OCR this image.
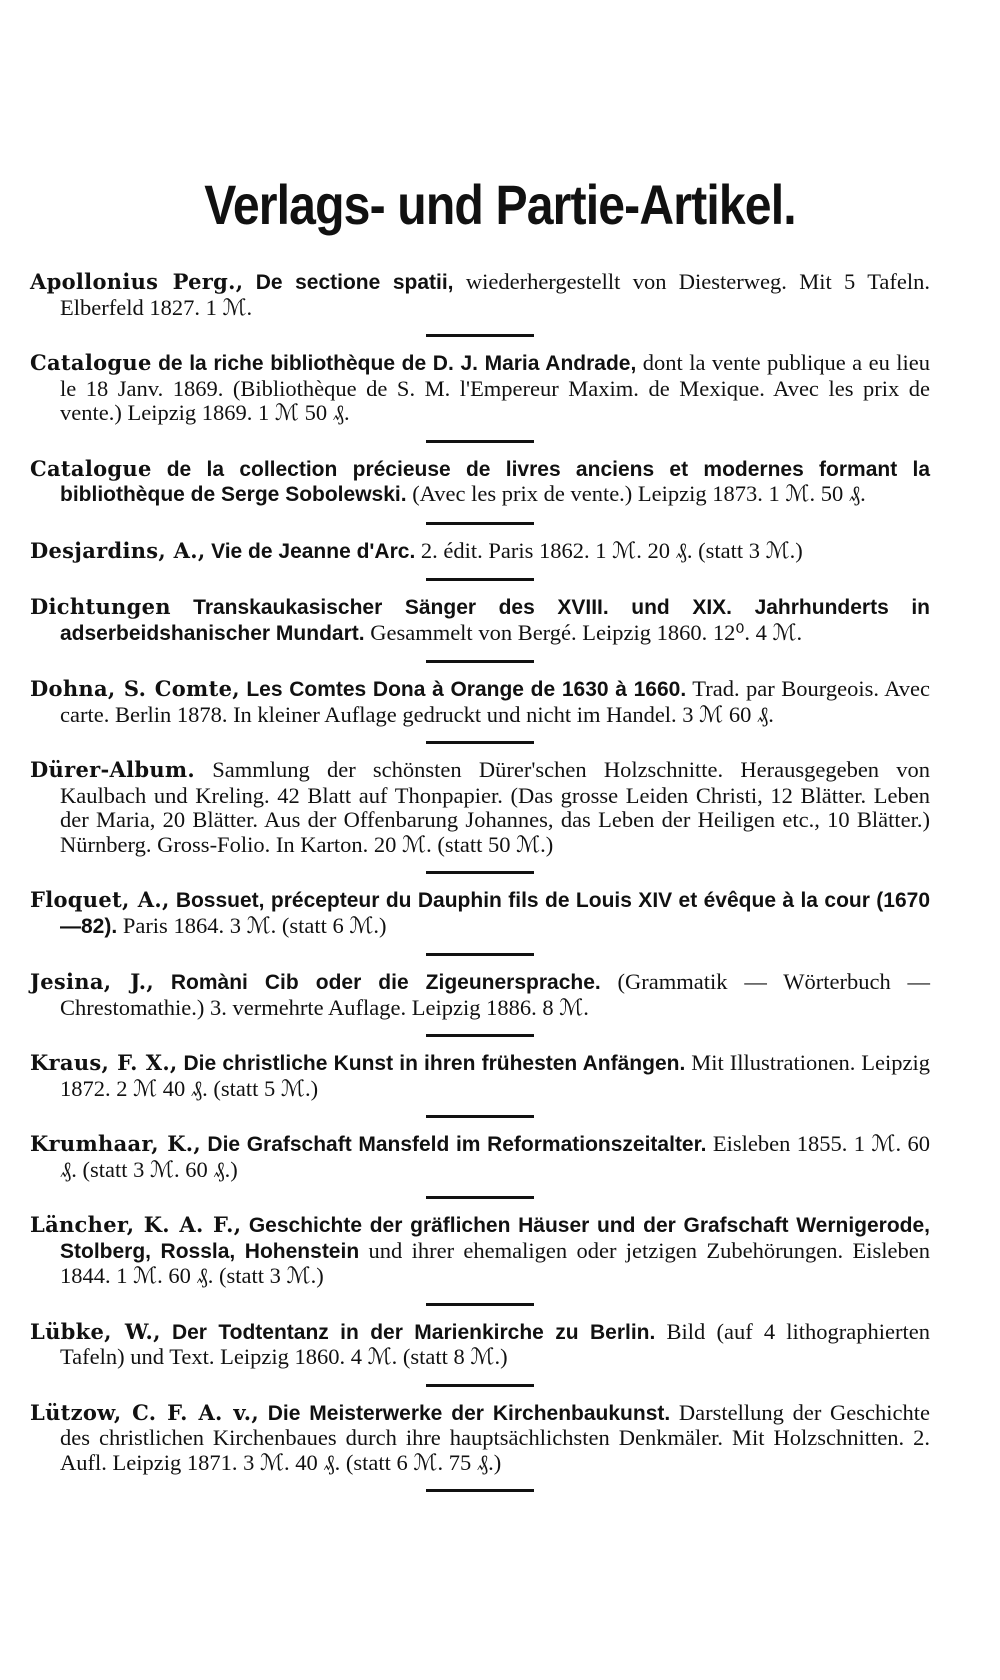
Verlags- und Partie-Artikel.

Apollonius Perg., De sectione spatii, wiederhergestellt von Diesterweg. Mit 5 Tafeln. Elberfeld 1827. 1 ℳ.

Catalogue de la riche bibliothèque de D. J. Maria Andrade, dont la vente publique a eu lieu le 18 Janv. 1869. (Bibliothèque de S. M. l'Empereur Maxim. de Mexique. Avec les prix de vente.) Leipzig 1869. 1 ℳ 50 ₰.

Catalogue de la collection précieuse de livres anciens et modernes formant la bibliothèque de Serge Sobolewski. (Avec les prix de vente.) Leipzig 1873. 1 ℳ. 50 ₰.

Desjardins, A., Vie de Jeanne d'Arc. 2. édit. Paris 1862. 1 ℳ. 20 ₰. (statt 3 ℳ.)

Dichtungen Transkaukasischer Sänger des XVIII. und XIX. Jahrhunderts in adserbeidshanischer Mundart. Gesammelt von Bergé. Leipzig 1860. 12⁰. 4 ℳ.

Dohna, S. Comte, Les Comtes Dona à Orange de 1630 à 1660. Trad. par Bourgeois. Avec carte. Berlin 1878. In kleiner Auflage gedruckt und nicht im Handel. 3 ℳ 60 ₰.

Dürer-Album. Sammlung der schönsten Dürer'schen Holzschnitte. Herausgegeben von Kaulbach und Kreling. 42 Blatt auf Thonpapier. (Das grosse Leiden Christi, 12 Blätter. Leben der Maria, 20 Blätter. Aus der Offenbarung Johannes, das Leben der Heiligen etc., 10 Blätter.) Nürnberg. Gross-Folio. In Karton. 20 ℳ. (statt 50 ℳ.)

Floquet, A., Bossuet, précepteur du Dauphin fils de Louis XIV et évêque à la cour (1670—82). Paris 1864. 3 ℳ. (statt 6 ℳ.)

Jesina, J., Romàni Cib oder die Zigeunersprache. (Grammatik — Wörterbuch — Chrestomathie.) 3. vermehrte Auflage. Leipzig 1886. 8 ℳ.

Kraus, F. X., Die christliche Kunst in ihren frühesten Anfängen. Mit Illustrationen. Leipzig 1872. 2 ℳ 40 ₰. (statt 5 ℳ.)

Krumhaar, K., Die Grafschaft Mansfeld im Reformationszeitalter. Eisleben 1855. 1 ℳ. 60 ₰. (statt 3 ℳ. 60 ₰.)

Läncher, K. A. F., Geschichte der gräflichen Häuser und der Grafschaft Wernigerode, Stolberg, Rossla, Hohenstein und ihrer ehemaligen oder jetzigen Zubehörungen. Eisleben 1844. 1 ℳ. 60 ₰. (statt 3 ℳ.)

Lübke, W., Der Todtentanz in der Marienkirche zu Berlin. Bild (auf 4 lithographierten Tafeln) und Text. Leipzig 1860. 4 ℳ. (statt 8 ℳ.)

Lützow, C. F. A. v., Die Meisterwerke der Kirchenbaukunst. Darstellung der Geschichte des christlichen Kirchenbaues durch ihre hauptsächlichsten Denkmäler. Mit Holzschnitten. 2. Aufl. Leipzig 1871. 3 ℳ. 40 ₰. (statt 6 ℳ. 75 ₰.)
